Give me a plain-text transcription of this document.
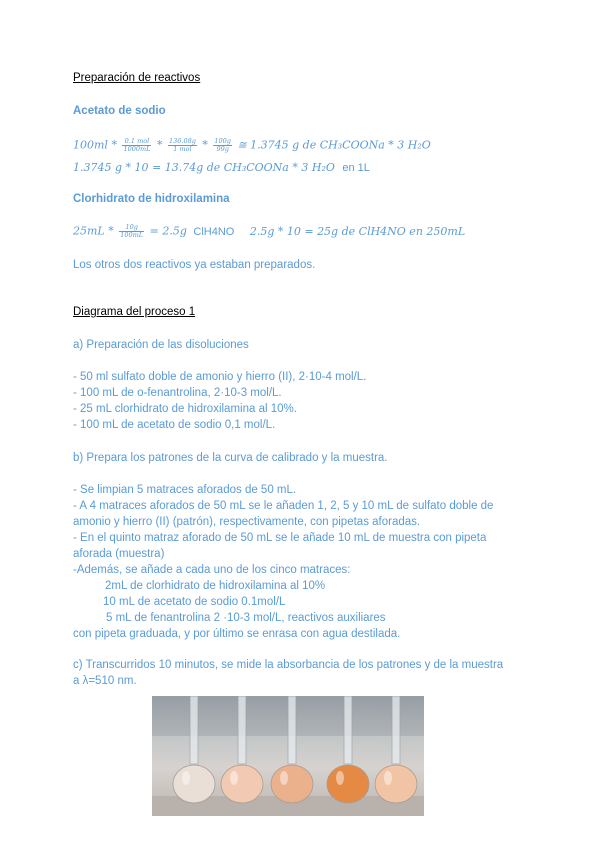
Preparación de reactivos
Acetato de sodio
$100ml * \frac{\text{0.1 mol}}{1000mL} * \frac{136.08g}{\text{1 mol}} * \frac{100g}{99g}$ ≅ 1.3745 g de CH₃COONa * 3 H₂O
1.3745 g * 10 = 13.74g de CH₃COONa * 3 H₂O en 1L
Clorhidrato de hidroxilamina
$25mL * \frac{10g}{100mL} = 2.5g$ ClH4NO 2.5g * 10 = 25g de ClH4NO en 250mL
Los otros dos reactivos ya estaban preparados.
Diagrama del proceso 1
a) Preparación de las disoluciones
- 50 ml sulfato doble de amonio y hierro (II), 2·10-4 mol/L.
- 100 mL de o-fenantrolina, 2·10-3 mol/L.
- 25 mL clorhidrato de hidroxilamina al 10%.
- 100 mL de acetato de sodio 0,1 mol/L.
b) Prepara los patrones de la curva de calibrado y la muestra.
- Se limpian 5 matraces aforados de 50 mL.
- A 4 matraces aforados de 50 mL se le añaden 1, 2, 5 y 10 mL de sulfato doble de
amonio y hierro (II) (patrón), respectivamente, con pipetas aforadas.
- En el quinto matraz aforado de 50 mL se le añade 10 mL de muestra con pipeta
aforada (muestra)
-Además, se añade a cada uno de los cinco matraces:
2mL de clorhidrato de hidroxilamina al 10%
10 mL de acetato de sodio 0.1mol/L
5 mL de fenantrolina 2 ·10-3 mol/L, reactivos auxiliares
con pipeta graduada, y por último se enrasa con agua destilada.
c) Transcurridos 10 minutos, se mide la absorbancia de los patrones y de la muestra
a λ=510 nm.
